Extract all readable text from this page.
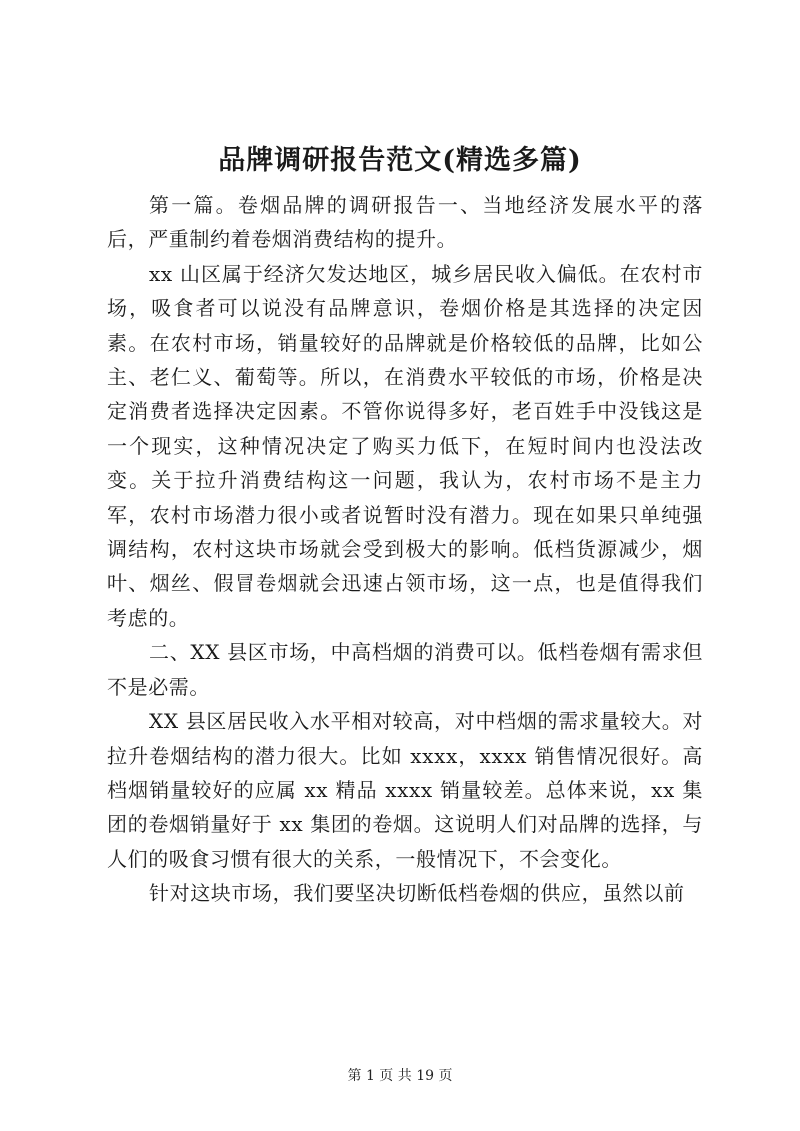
品牌调研报告范文(精选多篇)

第一篇。卷烟品牌的调研报告一、当地经济发展水平的落后，严重制约着卷烟消费结构的提升。

xx 山区属于经济欠发达地区，城乡居民收入偏低。在农村市场，吸食者可以说没有品牌意识，卷烟价格是其选择的决定因素。在农村市场，销量较好的品牌就是价格较低的品牌，比如公主、老仁义、葡萄等。所以，在消费水平较低的市场，价格是决定消费者选择决定因素。不管你说得多好，老百姓手中没钱这是一个现实，这种情况决定了购买力低下，在短时间内也没法改变。关于拉升消费结构这一问题，我认为，农村市场不是主力军，农村市场潜力很小或者说暂时没有潜力。现在如果只单纯强调结构，农村这块市场就会受到极大的影响。低档货源减少，烟叶、烟丝、假冒卷烟就会迅速占领市场，这一点，也是值得我们考虑的。

二、XX 县区市场，中高档烟的消费可以。低档卷烟有需求但不是必需。

XX 县区居民收入水平相对较高，对中档烟的需求量较大。对拉升卷烟结构的潜力很大。比如 xxxx，xxxx 销售情况很好。高档烟销量较好的应属 xx 精品 xxxx 销量较差。总体来说，xx 集团的卷烟销量好于 xx 集团的卷烟。这说明人们对品牌的选择，与人们的吸食习惯有很大的关系，一般情况下，不会变化。

针对这块市场，我们要坚决切断低档卷烟的供应，虽然以前

第 1 页 共 19 页
